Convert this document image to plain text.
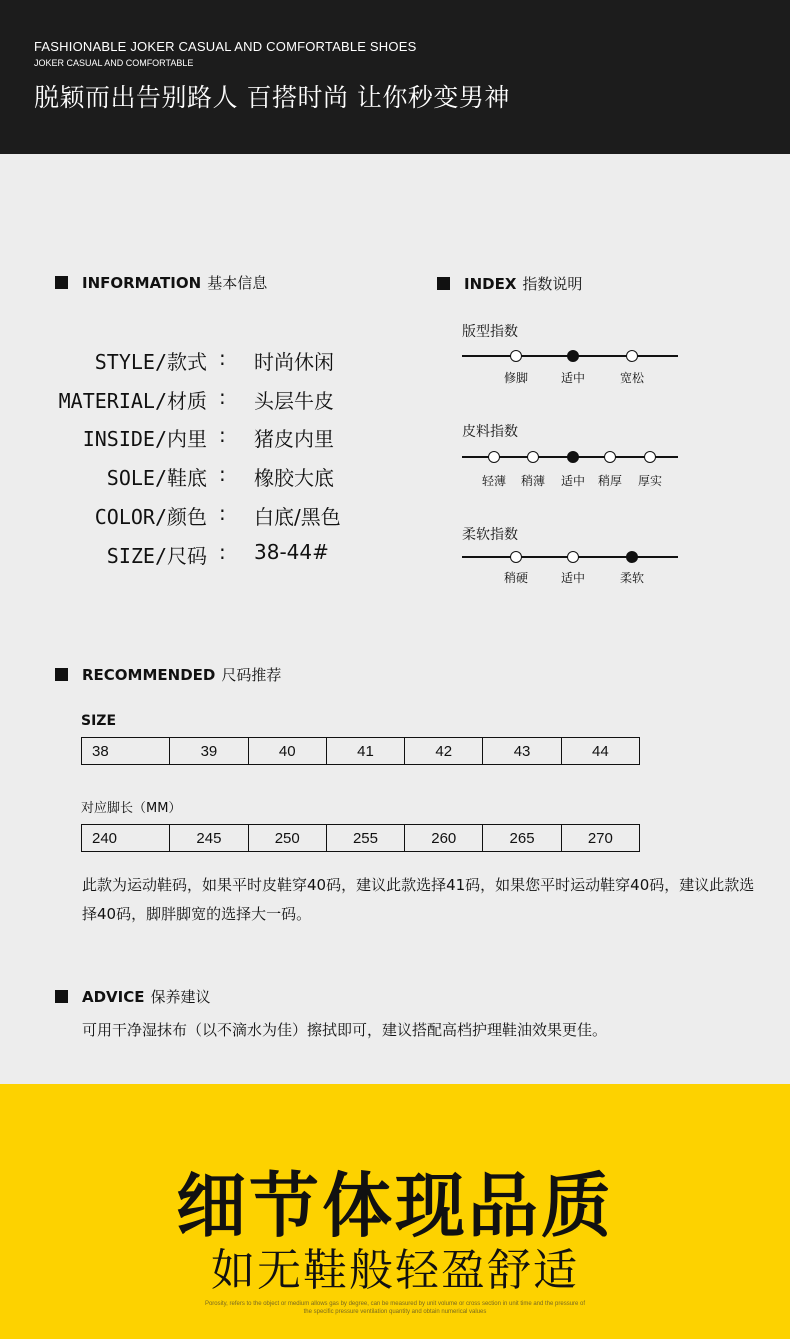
FASHIONABLE JOKER CASUAL AND COMFORTABLE SHOES
JOKER CASUAL AND COMFORTABLE
脱颖而出告别路人 百搭时尚 让你秒变男神
INFORMATION 基本信息
STYLE/款式 : 时尚休闲
MATERIAL/材质 : 头层牛皮
INSIDE/内里 : 猪皮内里
SOLE/鞋底 : 橡胶大底
COLOR/颜色 : 白底/黑色
SIZE/尺码 : 38-44#
INDEX 指数说明
版型指数
修脚	适中	宽松
皮料指数
轻薄 稍薄 适中 稍厚 厚实
柔软指数
稍硬	适中	柔软
RECOMMENDED 尺码推荐
SIZE
38	39	40	41	42	43	44
对应脚长（MM）
240	245	250	255	260	265	270
此款为运动鞋码，如果平时皮鞋穿40码，建议此款选择41码，如果您平时运动鞋穿40码，建议此款选择40码，脚胖脚宽的选择大一码。
ADVICE 保养建议
可用干净湿抹布（以不滴水为佳）擦拭即可，建议搭配高档护理鞋油效果更佳。
细节体现品质
如无鞋般轻盈舒适
Porosity, refers to the object or medium allows gas by degree, can be measured by unit volume or cross section in unit time and the pressure of the specific pressure ventilation quantity and obtain numerical values
